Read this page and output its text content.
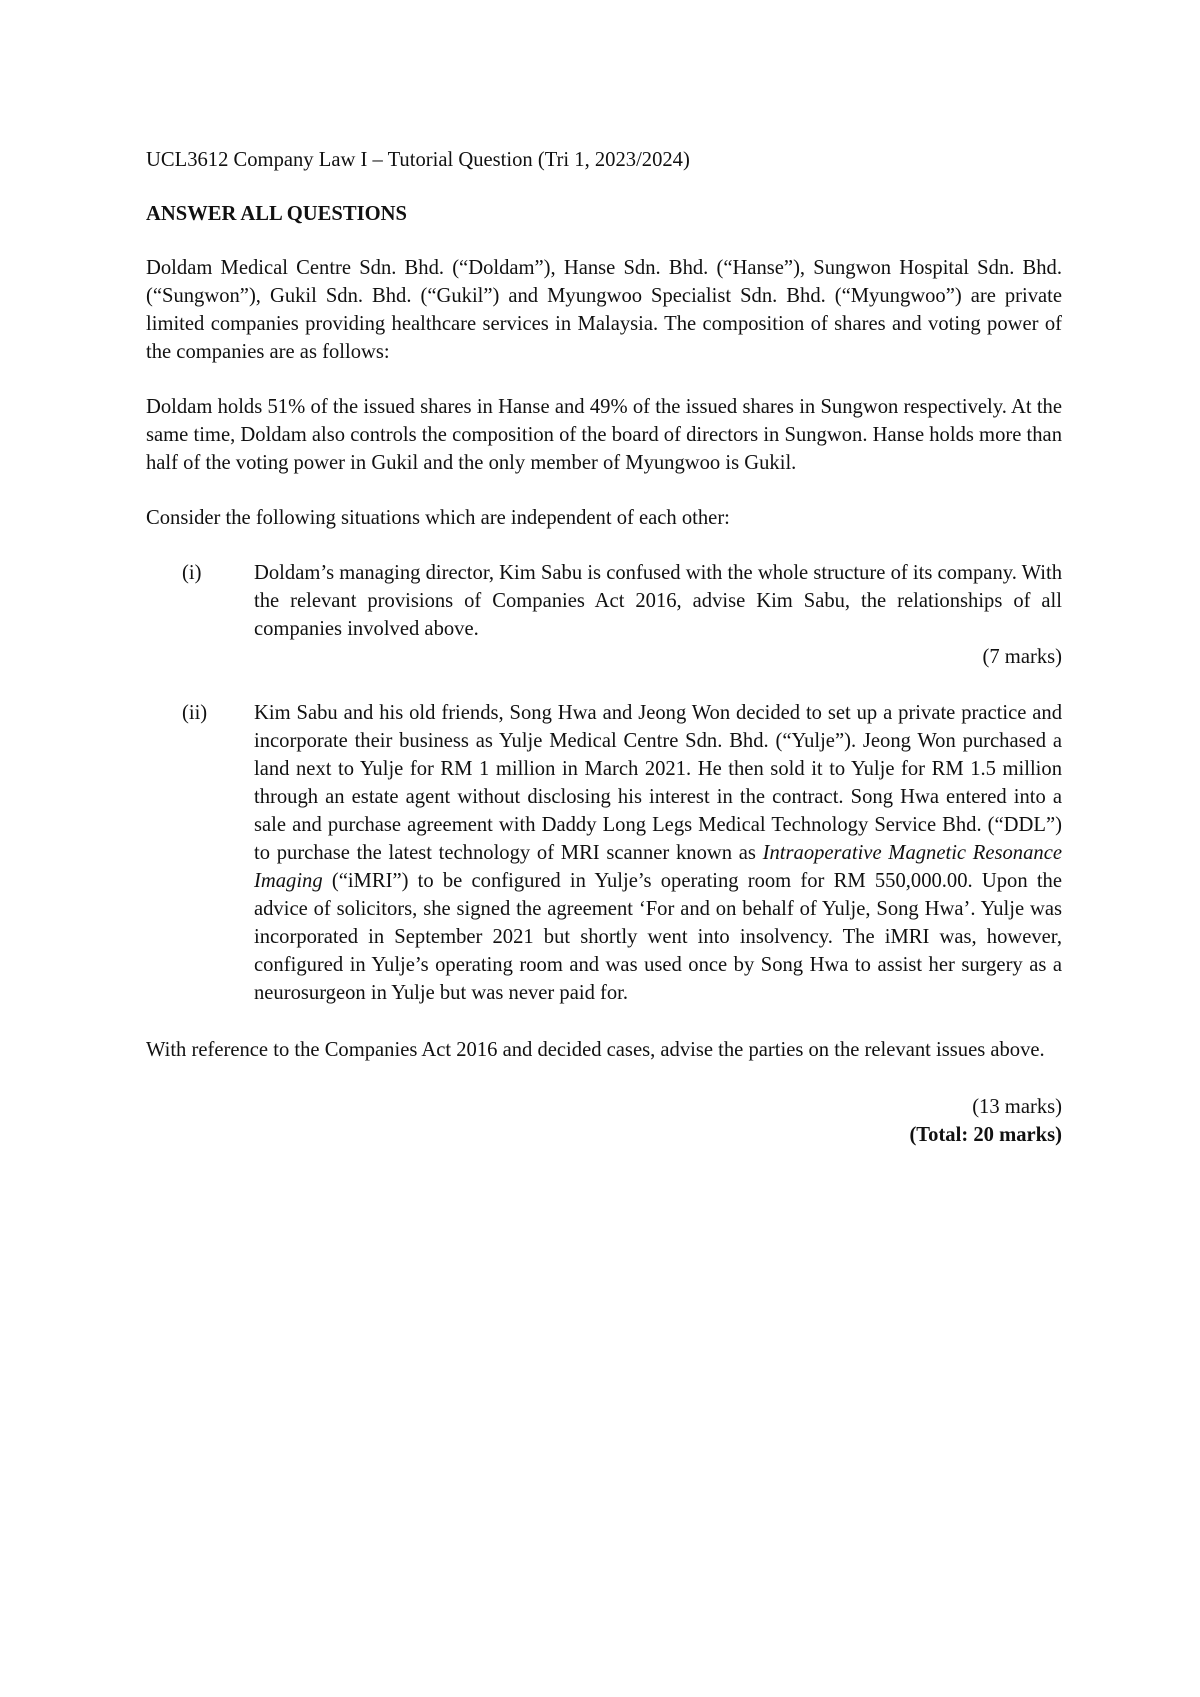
UCL3612 Company Law I – Tutorial Question (Tri 1, 2023/2024)

ANSWER ALL QUESTIONS

Doldam Medical Centre Sdn. Bhd. (“Doldam”), Hanse Sdn. Bhd. (“Hanse”), Sungwon Hospital Sdn. Bhd. (“Sungwon”), Gukil Sdn. Bhd. (“Gukil”) and Myungwoo Specialist Sdn. Bhd. (“Myungwoo”) are private limited companies providing healthcare services in Malaysia. The composition of shares and voting power of the companies are as follows:

Doldam holds 51% of the issued shares in Hanse and 49% of the issued shares in Sungwon respectively. At the same time, Doldam also controls the composition of the board of directors in Sungwon. Hanse holds more than half of the voting power in Gukil and the only member of Myungwoo is Gukil.

Consider the following situations which are independent of each other:

(i)	Doldam’s managing director, Kim Sabu is confused with the whole structure of its company. With the relevant provisions of Companies Act 2016, advise Kim Sabu, the relationships of all companies involved above.

(7 marks)

(ii) Kim Sabu and his old friends, Song Hwa and Jeong Won decided to set up a private practice and incorporate their business as Yulje Medical Centre Sdn. Bhd. (“Yulje”). Jeong Won purchased a land next to Yulje for RM 1 million in March 2021. He then sold it to Yulje for RM 1.5 million through an estate agent without disclosing his interest in the contract. Song Hwa entered into a sale and purchase agreement with Daddy Long Legs Medical Technology Service Bhd. (“DDL”) to purchase the latest technology of MRI scanner known as Intraoperative Magnetic Resonance Imaging (“iMRI”) to be configured in Yulje’s operating room for RM 550,000.00. Upon the advice of solicitors, she signed the agreement ‘For and on behalf of Yulje, Song Hwa’. Yulje was incorporated in September 2021 but shortly went into insolvency. The iMRI was, however, configured in Yulje’s operating room and was used once by Song Hwa to assist her surgery as a neurosurgeon in Yulje but was never paid for.

With reference to the Companies Act 2016 and decided cases, advise the parties on the relevant issues above.

(13 marks)

(Total: 20 marks)
